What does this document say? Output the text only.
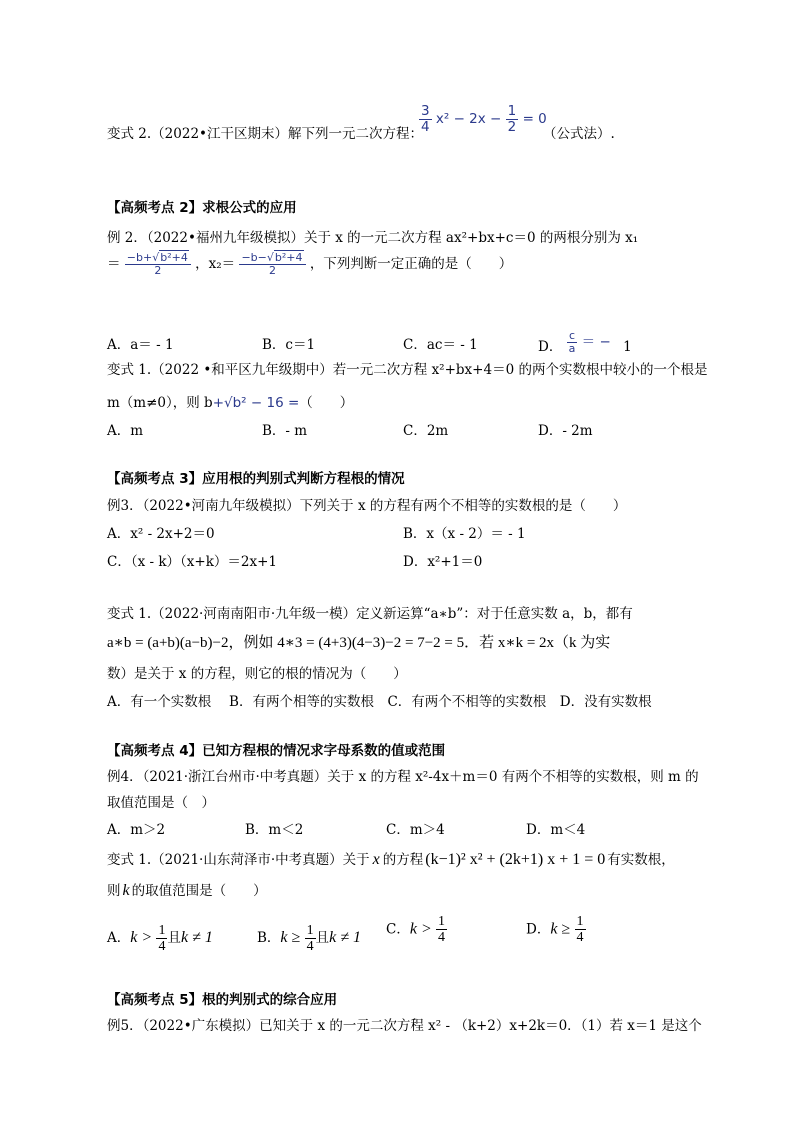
变式 2.（2022•江干区期末）解下列一元二次方程：
$\frac{3}{4} x^2 - 2x - \frac{1}{2} = 0$
（公式法）.
【高频考点 2】求根公式的应用
例 2．（2022•福州九年级模拟）关于 x 的一元二次方程 ax²+bx+c＝0 的两根分别为 x₁
＝ $\frac{\text{−b+√b²+4}}{2}$ ，$x_2= \frac{\text{−b−√b²+4}}{2}$ ，下列判断一定正确的是（　　）
A．a＝ - 1	B．c＝1	C．ac＝ - 1	D． $\frac{c}{a}$ ＝ − 1
变式 1.（2022 •和平区九年级期中）若一元二次方程 x²+bx+4＝0 的两个实数根中较小的一个根是
m（m≠0），则 b+√b² − 16 =（　　）
A．m	B．- m	C．2m	D．- 2m
【高频考点 3】应用根的判别式判断方程根的情况
例3．（2022•河南九年级模拟）下列关于 x 的方程有两个不相等的实数根的是（　　）
A．x² - 2x+2＝0	B．x（x - 2）＝ - 1
C．（x - k）（x+k）＝2x+1	D．x²+1＝0
变式 1.（2022·河南南阳市·九年级一模）定义新运算“a∗b”：对于任意实数 a，b，都有
a∗b = (a+b)(a−b)−2，例如 4∗3 = (4+3)(4−3)−2 = 7−2 = 5．若 x∗k = 2x（k 为实
数）是关于 x 的方程，则它的根的情况为（　　）
A．有一个实数根　 B．有两个相等的实数根　C．有两个不相等的实数根　D．没有实数根
【高频考点 4】已知方程根的情况求字母系数的值或范围
例4．（2021·浙江台州市·中考真题）关于 x 的方程 x²-4x＋m＝0 有两个不相等的实数根，则 m 的
取值范围是（　）
A．m＞2	B．m＜2	C．m＞4	D．m＜4
变式 1.（2021·山东菏泽市·中考真题）关于 x 的方程 (k−1)² x² + (2k+1) x + 1 = 0 有实数根，
则 k 的取值范围是（　　）
A．$k > \frac{1}{4}$ 且k ≠ 1	B．$k \ge \frac{1}{4}$ 且k ≠ 1 C．$k > \frac{1}{4}$	D．$k \ge \frac{1}{4}$
【高频考点 5】根的判别式的综合应用
例5．（2022•广东模拟）已知关于 x 的一元二次方程 x² - （k+2）x+2k＝0．（1）若 x＝1 是这个
